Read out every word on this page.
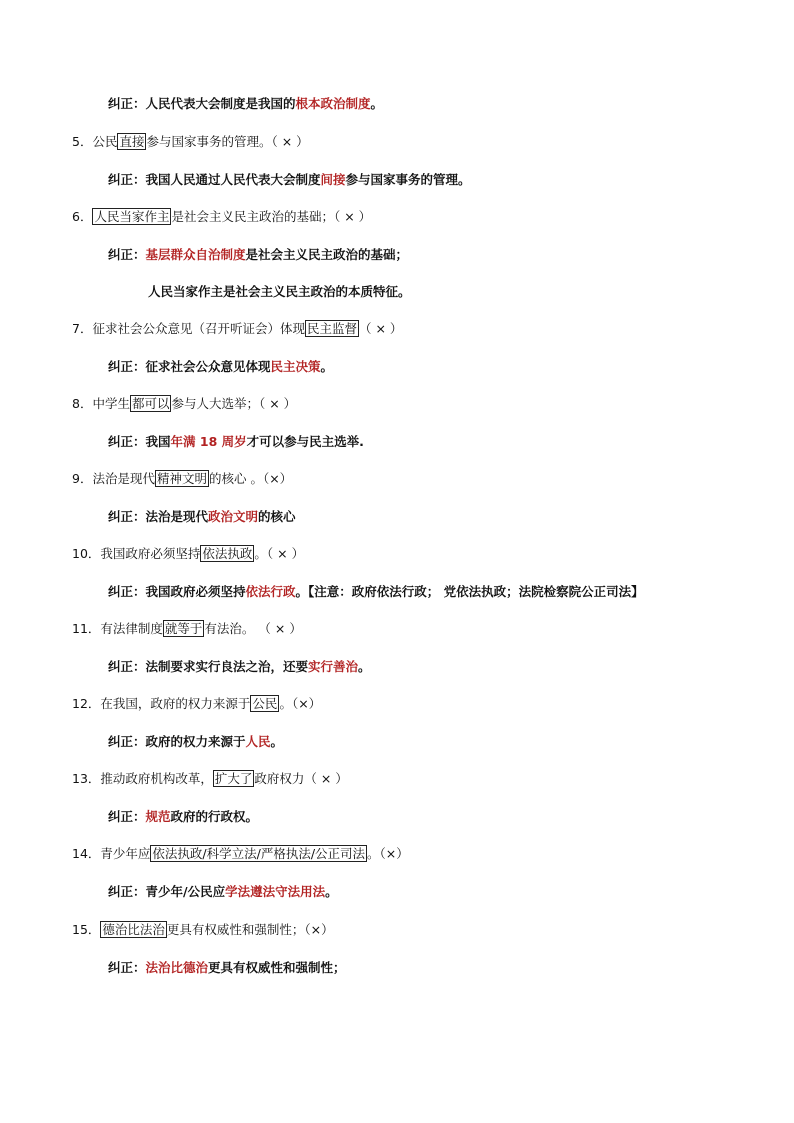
纠正：人民代表大会制度是我国的根本政治制度。
5．公民 直接 参与国家事务的管理。（ × ）
纠正：我国人民通过人民代表大会制度间接参与国家事务的管理。
6． 人民当家作主 是社会主义民主政治的基础；（ × ）
纠正：基层群众自治制度是社会主义民主政治的基础；
人民当家作主是社会主义民主政治的本质特征。
7．征求社会公众意见（召开听证会）体现 民主监督 （ × ）
纠正：征求社会公众意见体现民主决策。
8．中学生 都可以 参与人大选举；（ × ）
纠正：我国年满 18 周岁才可以参与民主选举.
9．法治是现代 精神文明 的核心 。（×）
纠正：法治是现代政治文明的核心
10．我国政府必须坚持 依法执政 。（ × ）
纠正：我国政府必须坚持依法行政。【注意：政府依法行政； 党依法执政；法院检察院公正司法】
11．有法律制度 就等于 有法治。 （ × ）
纠正：法制要求实行良法之治，还要实行善治。
12．在我国，政府的权力来源于 公民 。（×）
纠正：政府的权力来源于人民。
13．推动政府机构改革， 扩大了 政府权力（ × ）
纠正：规范政府的行政权。
14．青少年应 依法执政/科学立法/严格执法/公正司法 。（×）
纠正：青少年/公民应学法遵法守法用法。
15． 德治比法治 更具有权威性和强制性；（×）
纠正：法治比德治更具有权威性和强制性；
